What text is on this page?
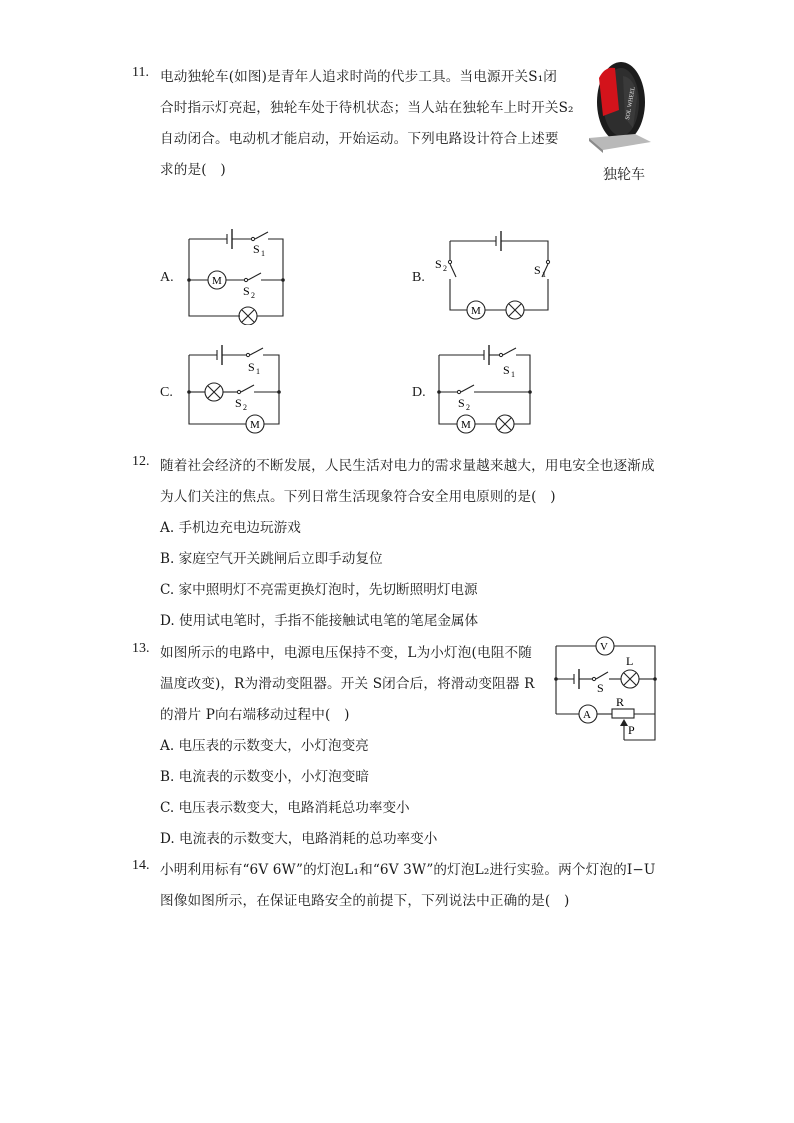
11. 电动独轮车(如图)是青年人追求时尚的代步工具。当电源开关S₁闭
合时指示灯亮起，独轮车处于待机状态；当人站在独轮车上时开关S₂
自动闭合。电动机才能启动，开始运动。下列电路设计符合上述要
求的是(　)
SOL WHEEL
独轮车
A.	B.
C.	D.
M
S 1
S 2
M
S 2	S 1
M
S 1
S 2
M
S 1
S 2
12. 随着社会经济的不断发展，人民生活对电力的需求量越来越大，用电安全也逐渐成
为人们关注的焦点。下列日常生活现象符合安全用电原则的是(　)
A. 手机边充电边玩游戏
B. 家庭空气开关跳闸后立即手动复位
C. 家中照明灯不亮需更换灯泡时，先切断照明灯电源
D. 使用试电笔时，手指不能接触试电笔的笔尾金属体
13. 如图所示的电路中，电源电压保持不变，L为小灯泡(电阻不随
温度改变)，R为滑动变阻器。开关 S闭合后，将滑动变阻器 R
的滑片 P向右端移动过程中(　)
A. 电压表的示数变大，小灯泡变亮
B. 电流表的示数变小，小灯泡变暗
C. 电压表示数变大，电路消耗总功率变小
D. 电流表的示数变大，电路消耗的总功率变小
V
A
L
S
R
P
14. 小明利用标有“6V 6W”的灯泡L₁和“6V 3W”的灯泡L₂进行实验。两个灯泡的I−U
图像如图所示，在保证电路安全的前提下，下列说法中正确的是(　)
